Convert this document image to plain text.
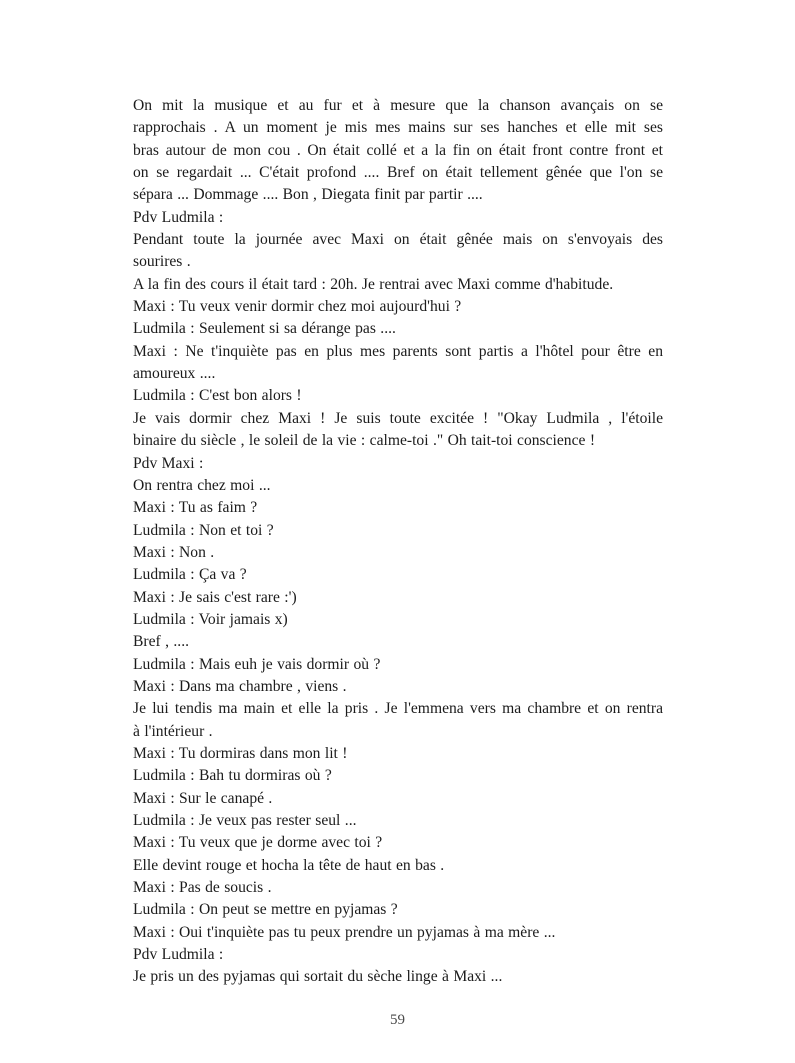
On mit la musique et au fur et à mesure que la chanson avançais on se
rapprochais . A un moment je mis mes mains sur ses hanches et elle mit ses
bras autour de mon cou . On était collé et a la fin on était front contre front et
on se regardait ... C'était profond .... Bref on était tellement gênée que l'on se
sépara ... Dommage .... Bon , Diegata finit par partir ....
Pdv Ludmila :
Pendant toute la journée avec Maxi on était gênée mais on s'envoyais des
sourires .
A la fin des cours il était tard : 20h. Je rentrai avec Maxi comme d'habitude.
Maxi : Tu veux venir dormir chez moi aujourd'hui ?
Ludmila : Seulement si sa dérange pas ....
Maxi : Ne t'inquiète pas en plus mes parents sont partis a l'hôtel pour être en
amoureux ....
Ludmila : C'est bon alors !
Je vais dormir chez Maxi ! Je suis toute excitée ! "Okay Ludmila , l'étoile
binaire du siècle , le soleil de la vie : calme-toi ." Oh tait-toi conscience !
Pdv Maxi :
On rentra chez moi ...
Maxi : Tu as faim ?
Ludmila : Non et toi ?
Maxi : Non .
Ludmila : Ça va ?
Maxi : Je sais c'est rare :')
Ludmila : Voir jamais x)
Bref , ....
Ludmila : Mais euh je vais dormir où ?
Maxi : Dans ma chambre , viens .
Je lui tendis ma main et elle la pris . Je l'emmena vers ma chambre et on rentra
à l'intérieur .
Maxi : Tu dormiras dans mon lit !
Ludmila : Bah tu dormiras où ?
Maxi : Sur le canapé .
Ludmila : Je veux pas rester seul ...
Maxi : Tu veux que je dorme avec toi ?
Elle devint rouge et hocha la tête de haut en bas .
Maxi : Pas de soucis .
Ludmila : On peut se mettre en pyjamas ?
Maxi : Oui t'inquiète pas tu peux prendre un pyjamas à ma mère ...
Pdv Ludmila :
Je pris un des pyjamas qui sortait du sèche linge à Maxi ...
59
